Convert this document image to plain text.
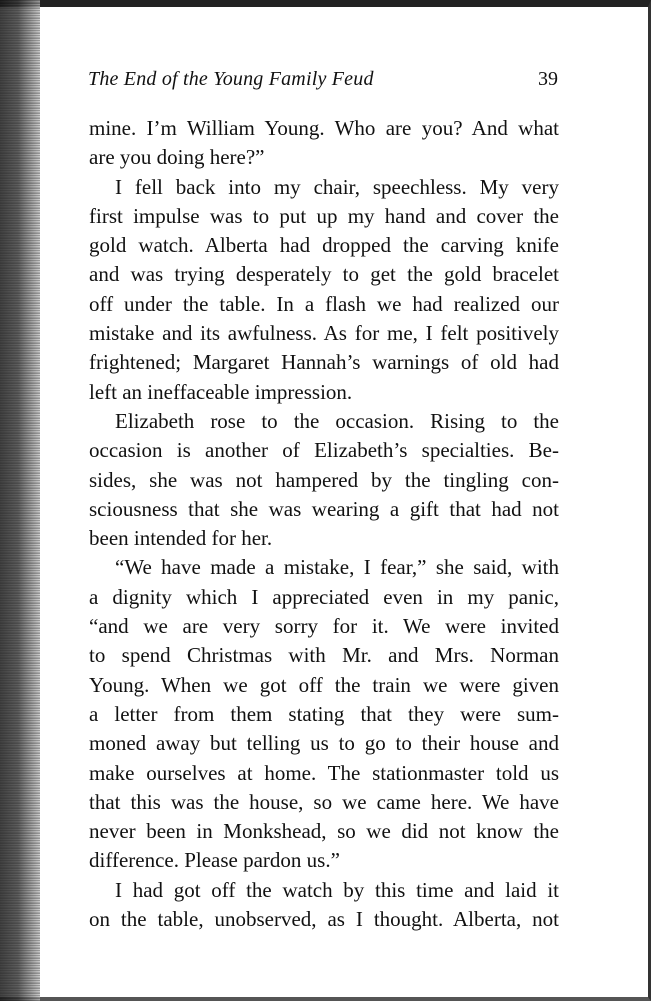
The End of the Young Family Feud	39
mine. I’m William Young. Who are you? And what
are you doing here?”
I fell back into my chair, speechless. My very
first impulse was to put up my hand and cover the
gold watch. Alberta had dropped the carving knife
and was trying desperately to get the gold bracelet
off under the table. In a flash we had realized our
mistake and its awfulness. As for me, I felt positively
frightened; Margaret Hannah’s warnings of old had
left an ineffaceable impression.
Elizabeth rose to the occasion. Rising to the
occasion is another of Elizabeth’s specialties. Be-
sides, she was not hampered by the tingling con-
sciousness that she was wearing a gift that had not
been intended for her.
“We have made a mistake, I fear,” she said, with
a dignity which I appreciated even in my panic,
“and we are very sorry for it. We were invited
to spend Christmas with Mr. and Mrs. Norman
Young. When we got off the train we were given
a letter from them stating that they were sum-
moned away but telling us to go to their house and
make ourselves at home. The stationmaster told us
that this was the house, so we came here. We have
never been in Monkshead, so we did not know the
difference. Please pardon us.”
I had got off the watch by this time and laid it
on the table, unobserved, as I thought. Alberta, not
